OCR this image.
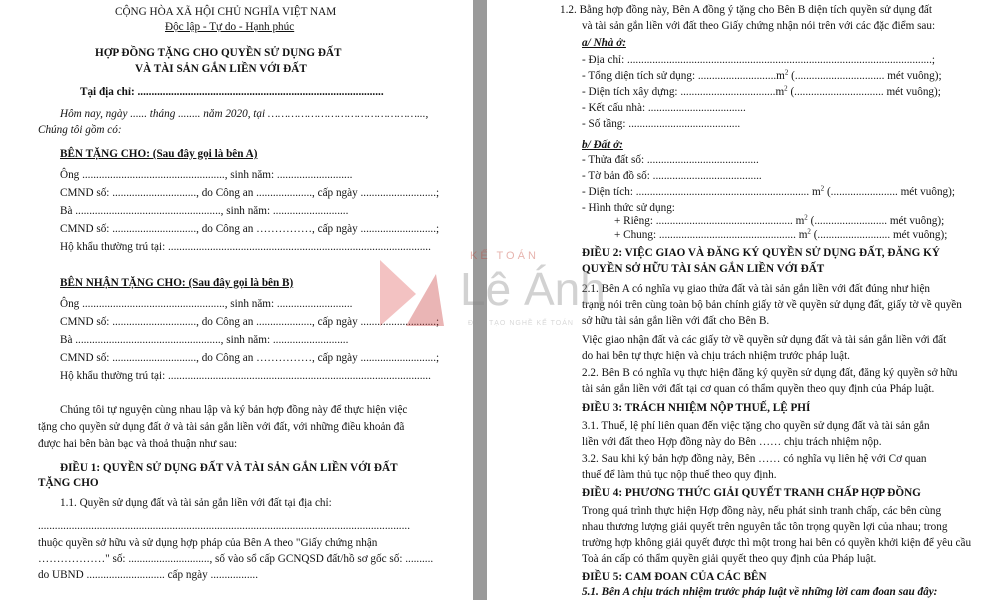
CỘNG HÒA XÃ HỘI CHỦ NGHĨA VIỆT NAM
Độc lập - Tự do - Hạnh phúc
HỢP ĐỒNG TẶNG CHO QUYỀN SỬ DỤNG ĐẤT
VÀ TÀI SẢN GẮN LIỀN VỚI ĐẤT
Tại địa chỉ: ........................................................................................
Hôm nay, ngày ...... tháng ........ năm 2020, tại ………………………………………...,
Chúng tôi gồm có:
BÊN TẶNG CHO: (Sau đây gọi là bên A)
Ông ..................................................., sinh năm: ...........................
CMND số: .............................., do Công an ...................., cấp ngày ...........................;
Bà ...................................................., sinh năm: ...........................
CMND số: .............................., do Công an ……………, cấp ngày ...........................;
Hộ khẩu thường trú tại: ..............................................................................................
BÊN NHẬN TẶNG CHO: (Sau đây gọi là bên B)
Ông ..................................................., sinh năm: ...........................
CMND số: .............................., do Công an ...................., cấp ngày ...........................;
Bà ...................................................., sinh năm: ...........................
CMND số: .............................., do Công an ……………, cấp ngày ...........................;
Hộ khẩu thường trú tại: ..............................................................................................
Chúng tôi tự nguyện cùng nhau lập và ký bản hợp đồng này để thực hiện việc
tặng cho quyền sử dụng đất ở và tài sản gắn liền với đất, với những điều khoản đã
được hai bên bàn bạc và thoả thuận như sau:
ĐIỀU 1: QUYỀN SỬ DỤNG ĐẤT VÀ TÀI SẢN GẮN LIỀN VỚI ĐẤT
TẶNG CHO
1.1. Quyền sử dụng đất và tài sản gắn liền với đất tại địa chỉ:
.....................................................................................................................................
thuộc quyền sở hữu và sử dụng hợp pháp của Bên A theo "Giấy chứng nhận
………………" số: ............................., số vào sổ cấp GCNQSD đất/hồ sơ gốc số: ..........
do UBND ............................ cấp ngày .................
1.2. Bằng hợp đồng này, Bên A đồng ý tặng cho Bên B diện tích quyền sử dụng đất
và tài sản gắn liền với đất theo Giấy chứng nhận nói trên với các đặc điểm sau:
a/ Nhà ở:
- Địa chỉ: .............................................................................................................;
- Tổng diện tích sử dụng: $............................m^2$ (................................ mét vuông);
- Diện tích xây dựng: $..................................m^2$ (................................ mét vuông);
- Kết cấu nhà: ...................................
- Số tầng: ........................................
b/ Đất ở:
- Thửa đất số: ........................................
- Tờ bản đồ số: .......................................
- Diện tích: .............................................................. $m^2$ (........................ mét vuông);
- Hình thức sử dụng:
+ Riêng: ................................................. $m^2$ (.......................... mét vuông);
+ Chung: ................................................. $m^2$ (.......................... mét vuông);
ĐIỀU 2: VIỆC GIAO VÀ ĐĂNG KÝ QUYỀN SỬ DỤNG ĐẤT, ĐĂNG KÝ
QUYỀN SỞ HỮU TÀI SẢN GẮN LIỀN VỚI ĐẤT
2.1. Bên A có nghĩa vụ giao thửa đất và tài sản gắn liền với đất đúng như hiện
trạng nói trên cùng toàn bộ bản chính giấy tờ về quyền sử dụng đất, giấy tờ về quyền
sở hữu tài sản gắn liền với đất cho Bên B.
Việc giao nhận đất và các giấy tờ về quyền sử dụng đất và tài sản gắn liền với đất
do hai bên tự thực hiện và chịu trách nhiệm trước pháp luật.
2.2. Bên B có nghĩa vụ thực hiện đăng ký quyền sử dụng đất, đăng ký quyền sở hữu
tài sản gắn liền với đất tại cơ quan có thẩm quyền theo quy định của Pháp luật.
ĐIỀU 3: TRÁCH NHIỆM NỘP THUẾ, LỆ PHÍ
3.1. Thuế, lệ phí liên quan đến việc tặng cho quyền sử dụng đất và tài sản gắn
liền với đất theo Hợp đồng này do Bên …… chịu trách nhiệm nộp.
3.2. Sau khi ký bản hợp đồng này, Bên …… có nghĩa vụ liên hệ với Cơ quan
thuế để làm thủ tục nộp thuế theo quy định.
ĐIỀU 4: PHƯƠNG THỨC GIẢI QUYẾT TRANH CHẤP HỢP ĐỒNG
Trong quá trình thực hiện Hợp đồng này, nếu phát sinh tranh chấp, các bên cùng
nhau thương lượng giải quyết trên nguyên tắc tôn trọng quyền lợi của nhau; trong
trường hợp không giải quyết được thì một trong hai bên có quyền khởi kiện để yêu cầu
Toà án cấp có thẩm quyền giải quyết theo quy định của Pháp luật.
ĐIỀU 5: CAM ĐOAN CỦA CÁC BÊN
5.1. Bên A chịu trách nhiệm trước pháp luật về những lời cam đoan sau đây:
KẾ TOÁN
Lê Ánh
ĐÀO TẠO NGHỀ KẾ TOÁN
